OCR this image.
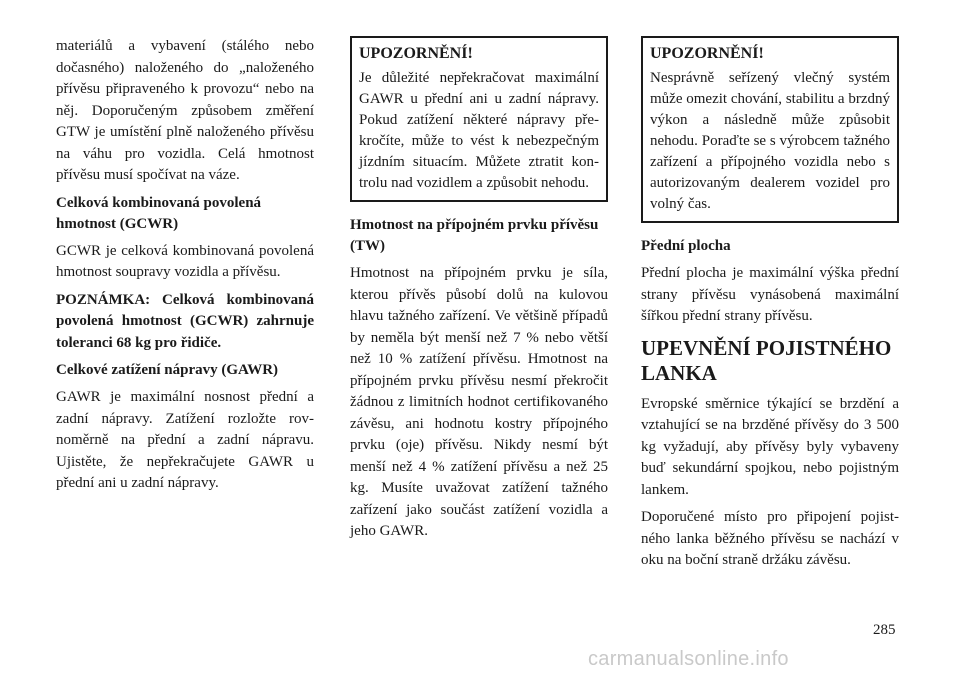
materiálů a vybavení (stálého nebo dočasného) naloženého do „naloženého přívěsu připraveného k provozu“ nebo na něj. Doporučeným způsobem změření GTW je umístění plně naloženého přívěsu na váhu pro vozidla. Celá hmotnost přívěsu musí spočívat na váze.

Celková kombinovaná povolená hmotnost (GCWR)

GCWR je celková kombinovaná povolená hmotnost soupravy vozidla a přívěsu.

POZNÁMKA: Celková kombinovaná povolená hmotnost (GCWR) zahrnuje toleranci 68 kg pro řidiče.

Celkové zatížení nápravy (GAWR)

GAWR je maximální nosnost přední a zadní nápravy. Zatížení rozložte rovnoměrně na přední a zadní nápravu. Ujistěte, že nepřekračujete GAWR u přední ani u zadní nápravy.

UPOZORNĚNÍ!

Je důležité nepřekračovat maximální GAWR u přední ani u zadní nápravy. Pokud zatížení některé nápravy překročíte, může to vést k nebezpečným jízdním situacím. Můžete ztratit kontrolu nad vozidlem a způsobit nehodu.

Hmotnost na přípojném prvku přívěsu (TW)

Hmotnost na přípojném prvku je síla, kterou přívěs působí dolů na kulovou hlavu tažného zařízení. Ve většině případů by neměla být menší než 7 % nebo větší než 10 % zatížení přívěsu. Hmotnost na přípojném prvku přívěsu nesmí překročit žádnou z limitních hodnot certifikovaného závěsu, ani hodnotu kostry přípojného prvku (oje) přívěsu. Nikdy nesmí být menší než 4 % zatížení přívěsu a než 25 kg. Musíte uvažovat zatížení tažného zařízení jako součást zatížení vozidla a jeho GAWR.

UPOZORNĚNÍ!

Nesprávně seřízený vlečný systém může omezit chování, stabilitu a brzdný výkon a následně může způsobit nehodu. Poraďte se s výrobcem tažného zařízení a přípojného vozidla nebo s autorizovaným dealerem vozidel pro volný čas.

Přední plocha

Přední plocha je maximální výška přední strany přívěsu vynásobená maximální šířkou přední strany přívěsu.

UPEVNĚNÍ POJISTNÉHO LANKA

Evropské směrnice týkající se brzdění a vztahující se na brzděné přívěsy do 3 500 kg vyžadují, aby přívěsy byly vybaveny buď sekundární spojkou, nebo pojistným lankem.

Doporučené místo pro připojení pojistného lanka běžného přívěsu se nachází v oku na boční straně držáku závěsu.

285
carmanualsonline.info
